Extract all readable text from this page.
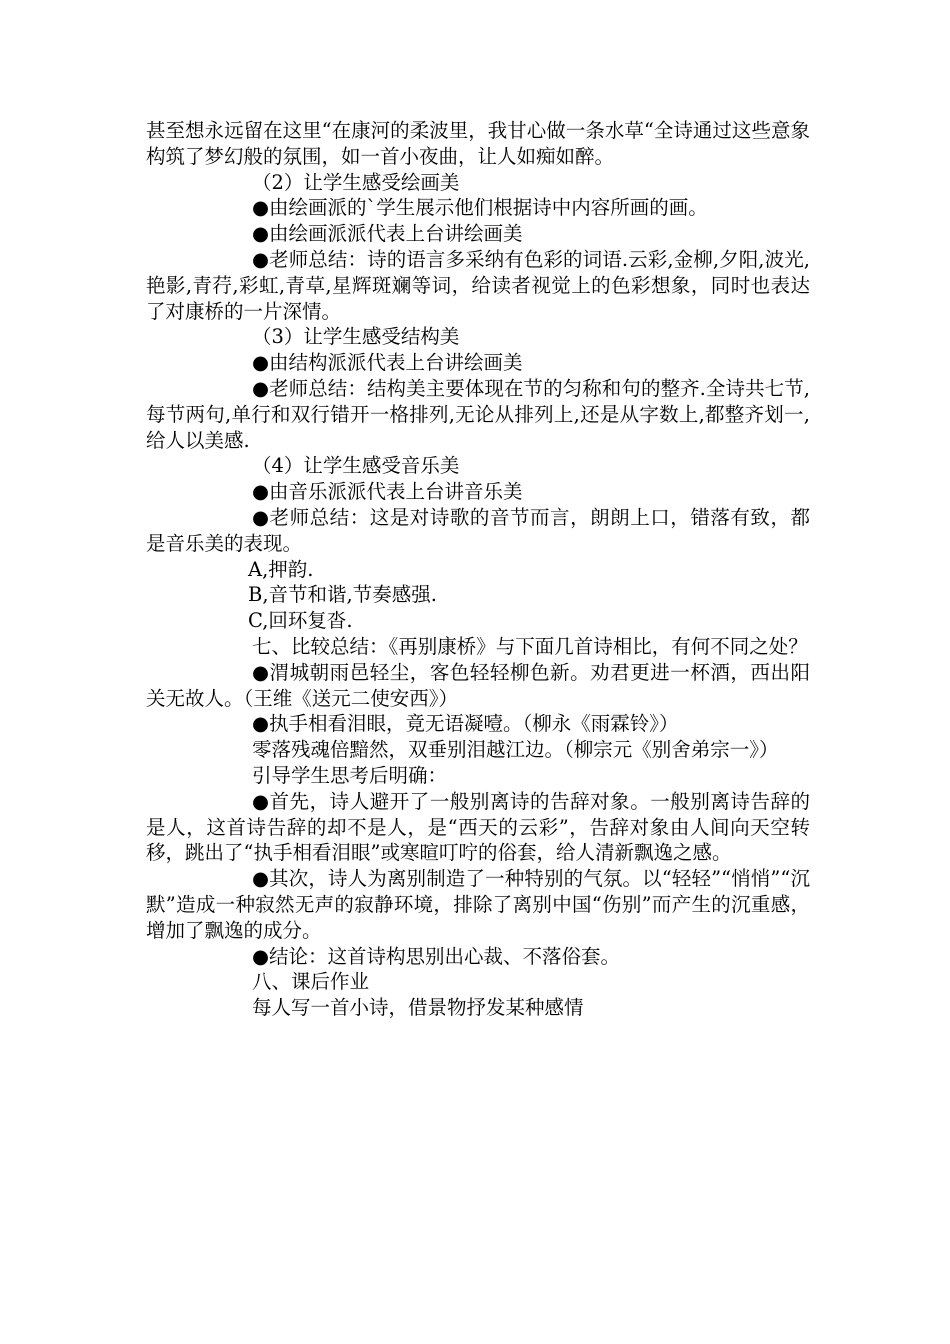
甚至想永远留在这里“在康河的柔波里，我甘心做一条水草“全诗通过这些意象构筑了梦幻般的氛围，如一首小夜曲，让人如痴如醉。

（2）让学生感受绘画美

●由绘画派的`学生展示他们根据诗中内容所画的画。

●由绘画派派代表上台讲绘画美

●老师总结：诗的语言多采纳有色彩的词语.云彩,金柳,夕阳,波光,艳影,青荇,彩虹,青草,星辉斑斓等词，给读者视觉上的色彩想象，同时也表达了对康桥的一片深情。

（3）让学生感受结构美

●由结构派派代表上台讲绘画美

●老师总结：结构美主要体现在节的匀称和句的整齐.全诗共七节,每节两句,单行和双行错开一格排列,无论从排列上,还是从字数上,都整齐划一,给人以美感.

（4）让学生感受音乐美

●由音乐派派代表上台讲音乐美

●老师总结：这是对诗歌的音节而言，朗朗上口，错落有致，都是音乐美的表现。

A,押韵.

B,音节和谐,节奏感强.

C,回环复沓.

七、比较总结：《再别康桥》与下面几首诗相比，有何不同之处？

●渭城朝雨邑轻尘，客色轻轻柳色新。劝君更进一杯酒，西出阳关无故人。（王维《送元二使安西》）

●执手相看泪眼，竟无语凝噎。（柳永《雨霖铃》）

零落残魂倍黯然，双垂别泪越江边。（柳宗元《别舍弟宗一》）

引导学生思考后明确：

●首先，诗人避开了一般别离诗的告辞对象。一般别离诗告辞的是人，这首诗告辞的却不是人，是“西天的云彩”，告辞对象由人间向天空转移，跳出了“执手相看泪眼”或寒暄叮咛的俗套，给人清新飘逸之感。

●其次，诗人为离别制造了一种特别的气氛。以“轻轻”“悄悄”“沉默”造成一种寂然无声的寂静环境，排除了离别中国“伤别”而产生的沉重感，增加了飘逸的成分。

●结论：这首诗构思别出心裁、不落俗套。

八、课后作业

每人写一首小诗，借景物抒发某种感情
